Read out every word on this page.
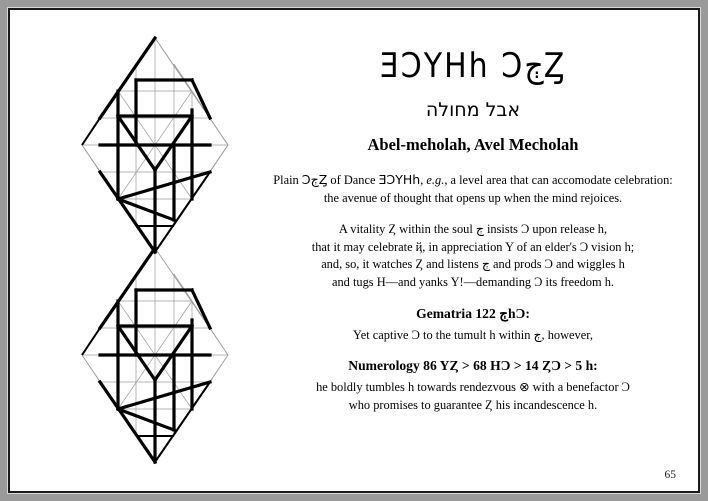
ƎƆYHһ ƆڄȤ
אבל מחולה
Abel-meholah, Avel Mecholah

Plain ƆڄȤ of Dance ƎƆYHһ, e.g., a level area that can accomodate celebration:
the avenue of thought that opens up when the mind rejoices.

A vitality Ȥ within the soul ڄ insists Ɔ upon release һ,
that it may celebrate ҋ, in appreciation Y of an elder's Ɔ vision һ;
and, so, it watches Ȥ and listens ڄ and prods Ɔ and wiggles һ
and tugs H—and yanks Y!—demanding Ɔ its freedom һ.

Gematria 122 ڄһƆ:

Yet captive Ɔ to the tumult һ within ڄ, however,

Numerology 86 YȤ > 68 HƆ > 14 ȤƆ > 5 һ:

he boldly tumbles һ towards rendezvous ⊗ with a benefactor Ɔ
who promises to guarantee Ȥ his incandescence һ.

65
